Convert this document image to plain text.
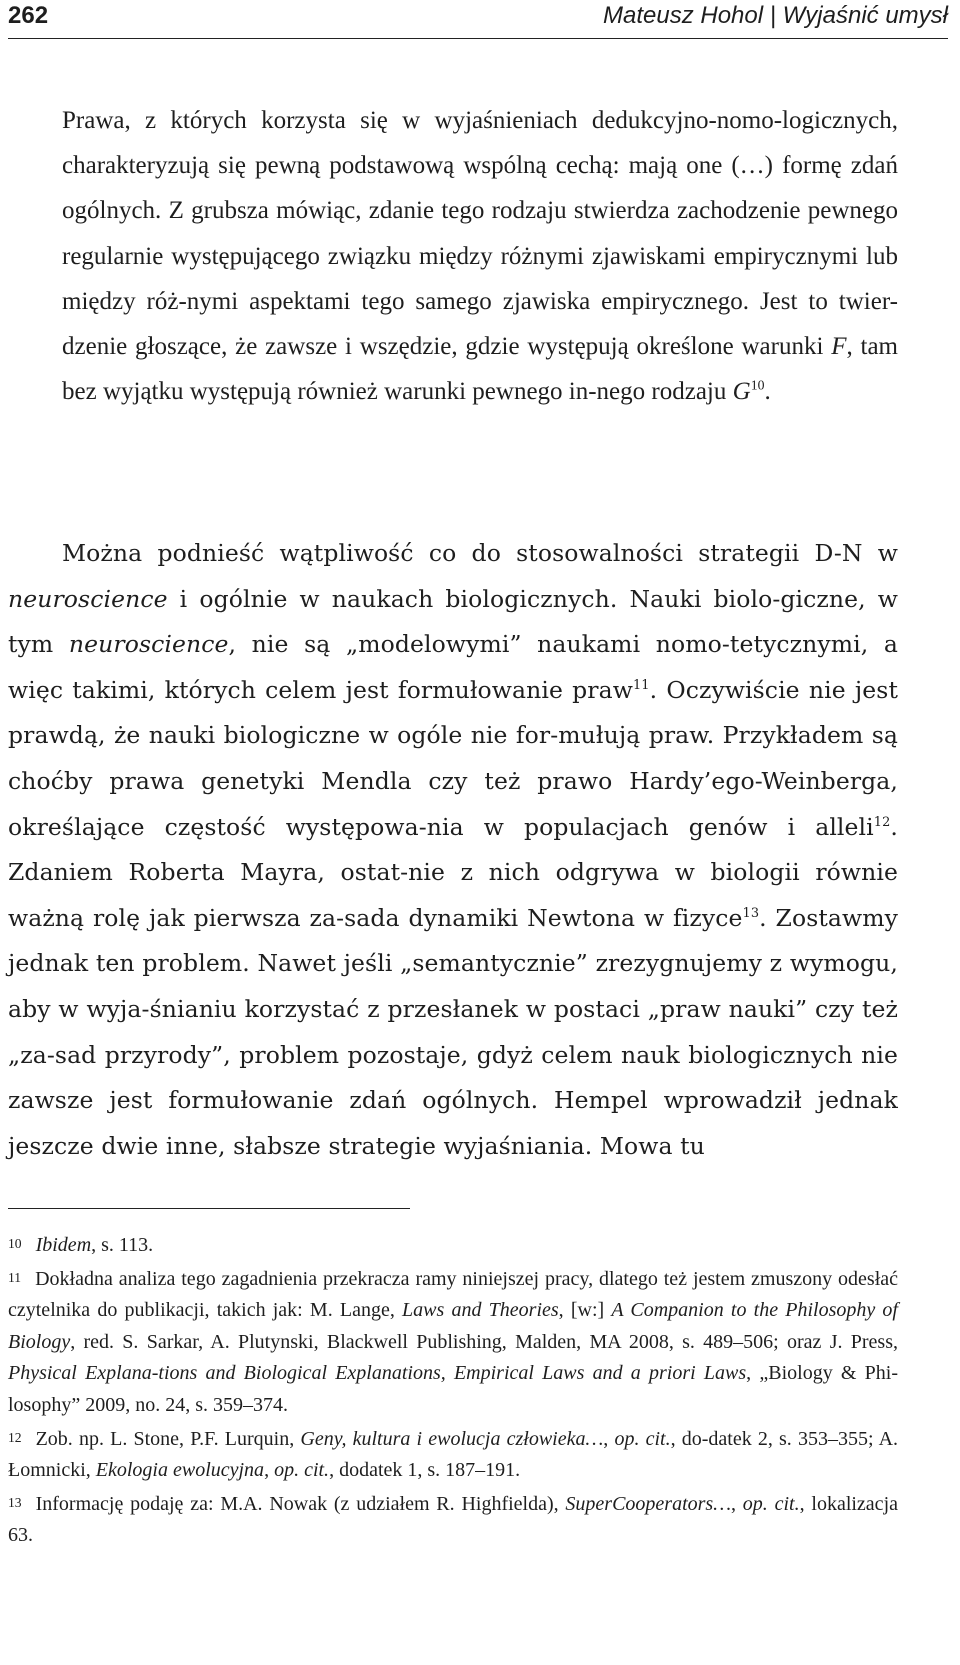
262	Mateusz Hohol | Wyjaśnić umysł

Prawa, z których korzysta się w wyjaśnieniach dedukcyjno-nomo-logicznych, charakteryzują się pewną podstawową wspólną cechą: mają one (…) formę zdań ogólnych. Z grubsza mówiąc, zdanie tego rodzaju stwierdza zachodzenie pewnego regularnie występującego związku między różnymi zjawiskami empirycznymi lub między róż-nymi aspektami tego samego zjawiska empirycznego. Jest to twier-dzenie głoszące, że zawsze i wszędzie, gdzie występują określone warunki F, tam bez wyjątku występują również warunki pewnego in-nego rodzaju $G^{10}$.

Można podnieść wątpliwość co do stosowalności strategii D-N w neuroscience i ogólnie w naukach biologicznych. Nauki biolo-giczne, w tym neuroscience, nie są „modelowymi” naukami nomo-tetycznymi, a więc takimi, których celem jest formułowanie praw$^{11}$. Oczywiście nie jest prawdą, że nauki biologiczne w ogóle nie for-mułują praw. Przykładem są choćby prawa genetyki Mendla czy też prawo Hardy’ego-Weinberga, określające częstość występowa-nia w populacjach genów i alleli$^{12}$. Zdaniem Roberta Mayra, ostat-nie z nich odgrywa w biologii równie ważną rolę jak pierwsza za-sada dynamiki Newtona w fizyce$^{13}$. Zostawmy jednak ten problem. Nawet jeśli „semantycznie” zrezygnujemy z wymogu, aby w wyja-śnianiu korzystać z przesłanek w postaci „praw nauki” czy też „za-sad przyrody”, problem pozostaje, gdyż celem nauk biologicznych nie zawsze jest formułowanie zdań ogólnych. Hempel wprowadził jednak jeszcze dwie inne, słabsze strategie wyjaśniania. Mowa tu

10 Ibidem, s. 113.

11 Dokładna analiza tego zagadnienia przekracza ramy niniejszej pracy, dlatego też jestem zmuszony odesłać czytelnika do publikacji, takich jak: M. Lange, Laws and Theories, [w:] A Companion to the Philosophy of Biology, red. S. Sarkar, A. Plutynski, Blackwell Publishing, Malden, MA 2008, s. 489–506; oraz J. Press, Physical Explana-tions and Biological Explanations, Empirical Laws and a priori Laws, „Biology & Phi-losophy” 2009, no. 24, s. 359–374.

12 Zob. np. L. Stone, P.F. Lurquin, Geny, kultura i ewolucja człowieka…, op. cit., do-datek 2, s. 353–355; A. Łomnicki, Ekologia ewolucyjna, op. cit., dodatek 1, s. 187–191.

13 Informację podaję za: M.A. Nowak (z udziałem R. Highfielda), SuperCooperators…, op. cit., lokalizacja 63.
